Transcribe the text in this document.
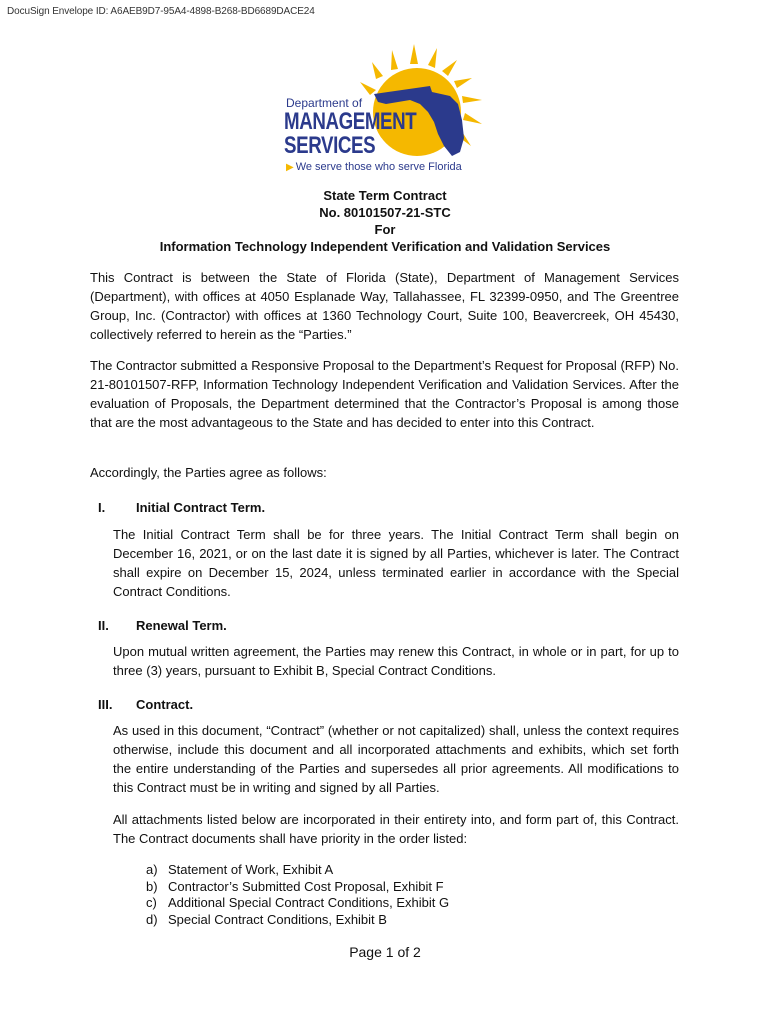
DocuSign Envelope ID: A6AEB9D7-95A4-4898-B268-BD6689DACE24
Department of
MANAGEMENT
SERVICES
▶ We serve those who serve Florida
State Term Contract
No. 80101507-21-STC
For
Information Technology Independent Verification and Validation Services
This Contract is between the State of Florida (State), Department of Management Services (Department), with offices at 4050 Esplanade Way, Tallahassee, FL 32399-0950, and The Greentree Group, Inc. (Contractor) with offices at 1360 Technology Court, Suite 100, Beavercreek, OH 45430, collectively referred to herein as the “Parties.”
The Contractor submitted a Responsive Proposal to the Department’s Request for Proposal (RFP) No. 21-80101507-RFP, Information Technology Independent Verification and Validation Services. After the evaluation of Proposals, the Department determined that the Contractor’s Proposal is among those that are the most advantageous to the State and has decided to enter into this Contract.
Accordingly, the Parties agree as follows:
I. Initial Contract Term.
The Initial Contract Term shall be for three years. The Initial Contract Term shall begin on December 16, 2021, or on the last date it is signed by all Parties, whichever is later. The Contract shall expire on December 15, 2024, unless terminated earlier in accordance with the Special Contract Conditions.
II. Renewal Term.
Upon mutual written agreement, the Parties may renew this Contract, in whole or in part, for up to three (3) years, pursuant to Exhibit B, Special Contract Conditions.
III. Contract.
As used in this document, “Contract” (whether or not capitalized) shall, unless the context requires otherwise, include this document and all incorporated attachments and exhibits, which set forth the entire understanding of the Parties and supersedes all prior agreements. All modifications to this Contract must be in writing and signed by all Parties.
All attachments listed below are incorporated in their entirety into, and form part of, this Contract. The Contract documents shall have priority in the order listed:
a) Statement of Work, Exhibit A
b) Contractor’s Submitted Cost Proposal, Exhibit F
c) Additional Special Contract Conditions, Exhibit G
d) Special Contract Conditions, Exhibit B
Page 1 of 2
